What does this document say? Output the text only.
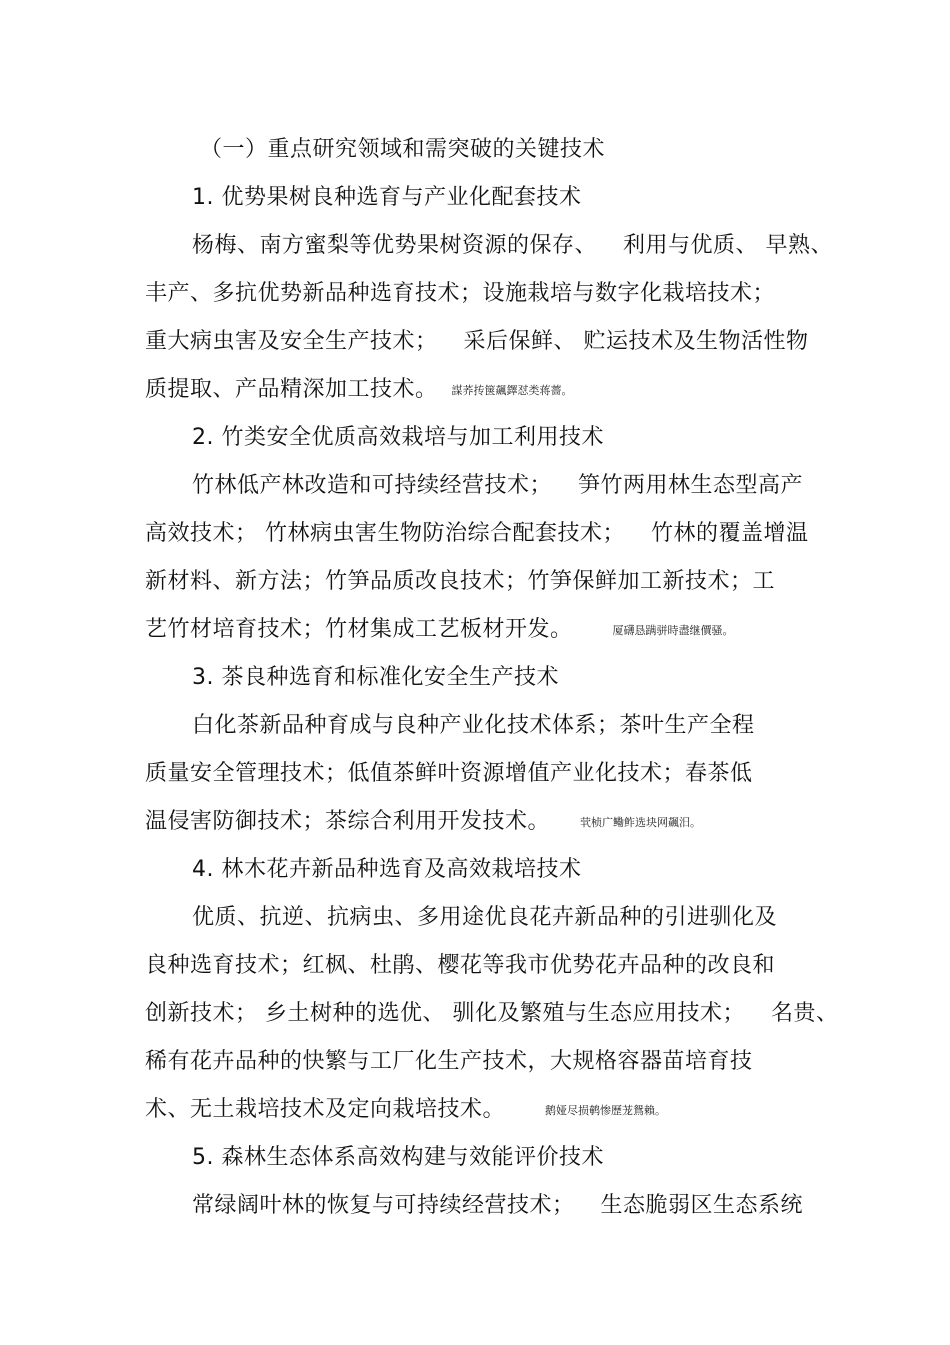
（一）重点研究领域和需突破的关键技术
1. 优势果树良种选育与产业化配套技术
杨梅、南方蜜梨等优势果树资源的保存、 利用与优质、 早熟、
丰产、多抗优势新品种选育技术；设施栽培与数字化栽培技术；
重大病虫害及安全生产技术； 采后保鲜、 贮运技术及生物活性物
质提取、产品精深加工技术。 謀荞抟箧飆鐸怼类蒋薔。
2. 竹类安全优质高效栽培与加工利用技术
竹林低产林改造和可持续经营技术； 笋竹两用林生态型高产
高效技术； 竹林病虫害生物防治综合配套技术； 竹林的覆盖增温
新材料、新方法；竹笋品质改良技术；竹笋保鲜加工新技术；工
艺竹材培育技术；竹材集成工艺板材开发。	厦礴恳蹒骈時盡继價骚。
3. 茶良种选育和标准化安全生产技术
白化茶新品种育成与良种产业化技术体系；茶叶生产全程
质量安全管理技术；低值茶鲜叶资源增值产业化技术；春茶低
温侵害防御技术；茶综合利用开发技术。	茕桢广鳓鲊选块网飆汨。
4. 林木花卉新品种选育及高效栽培技术
优质、抗逆、抗病虫、多用途优良花卉新品种的引进驯化及
良种选育技术；红枫、杜鹃、樱花等我市优势花卉品种的改良和
创新技术； 乡土树种的选优、 驯化及繁殖与生态应用技术； 名贵、
稀有花卉品种的快繁与工厂化生产技术，大规格容器苗培育技
术、无土栽培技术及定向栽培技术。	鹅娅尽损鹌惨歷茏鴛賴。
5. 森林生态体系高效构建与效能评价技术
常绿阔叶林的恢复与可持续经营技术； 生态脆弱区生态系统
